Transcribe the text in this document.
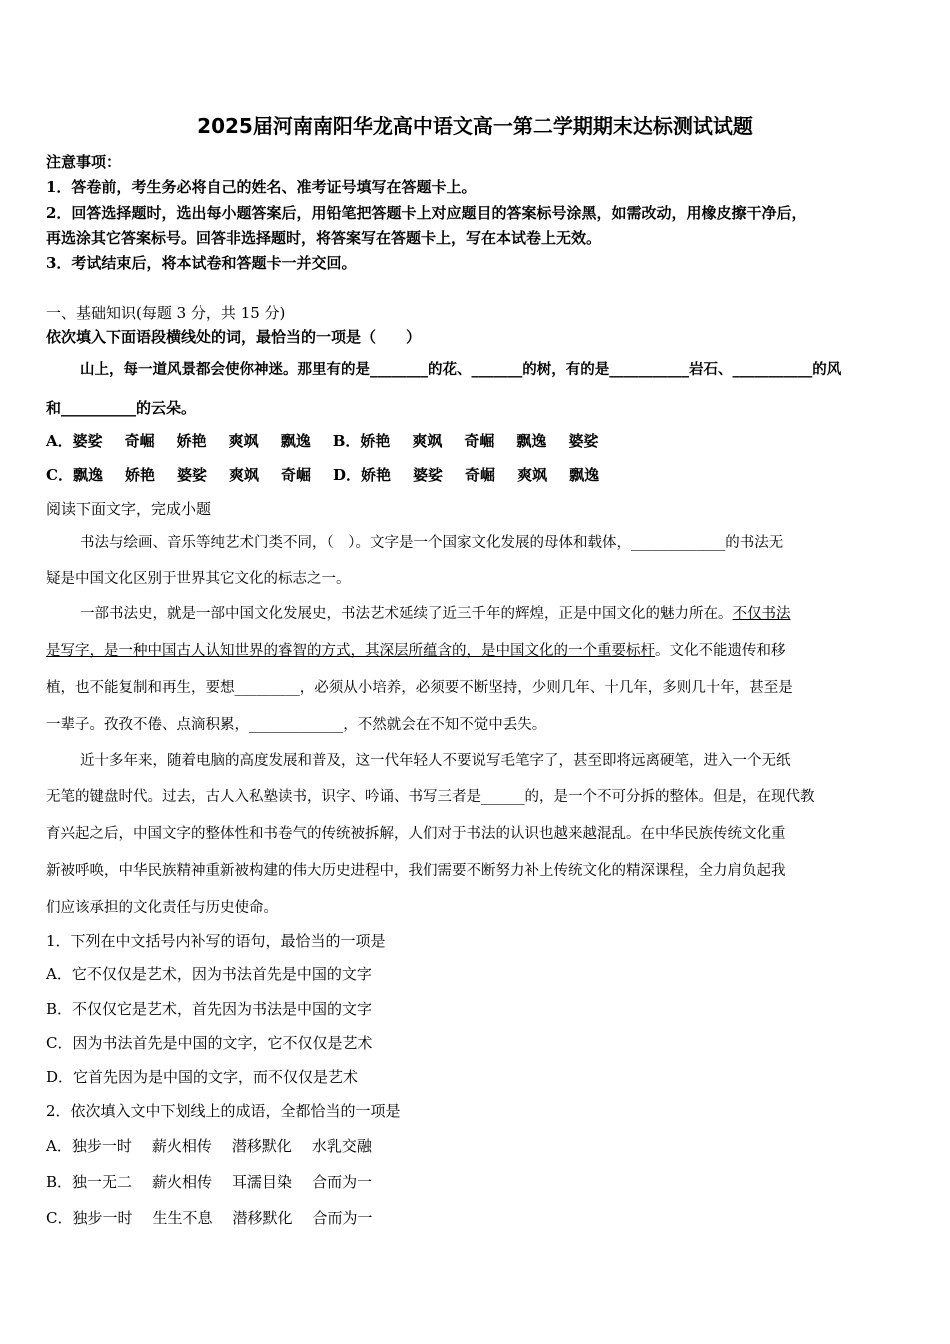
2025届河南南阳华龙高中语文高一第二学期期末达标测试试题
注意事项：
1．答卷前，考生务必将自己的姓名、准考证号填写在答题卡上。
2．回答选择题时，选出每小题答案后，用铅笔把答题卡上对应题目的答案标号涂黑，如需改动，用橡皮擦干净后，
再选涂其它答案标号。回答非选择题时，将答案写在答题卡上，写在本试卷上无效。
3．考试结束后，将本试卷和答题卡一并交回。
一、基础知识(每题 3 分，共 15 分)
依次填入下面语段横线处的词，最恰当的一项是（　　）
山上，每一道风景都会使你神迷。那里有的是________的花、_______的树，有的是___________岩石、___________的风
和__________的云朵。
A．婆娑 奇崛 娇艳 爽飒 飘逸 B．娇艳 爽飒 奇崛 飘逸 婆娑
C．飘逸 娇艳 婆娑 爽飒 奇崛 D．娇艳 婆娑 奇崛 爽飒 飘逸
阅读下面文字，完成小题
书法与绘画、音乐等纯艺术门类不同，（　）。文字是一个国家文化发展的母体和载体，_____________的书法无
疑是中国文化区别于世界其它文化的标志之一。
一部书法史，就是一部中国文化发展史，书法艺术延续了近三千年的辉煌，正是中国文化的魅力所在。不仅书法
是写字，是一种中国古人认知世界的睿智的方式，其深层所蕴含的，是中国文化的一个重要标杆。文化不能遗传和移
植，也不能复制和再生，要想_________，必须从小培养，必须要不断坚持，少则几年、十几年，多则几十年，甚至是
一辈子。孜孜不倦、点滴积累，_____________，不然就会在不知不觉中丢失。
近十多年来，随着电脑的高度发展和普及，这一代年轻人不要说写毛笔字了，甚至即将远离硬笔，进入一个无纸
无笔的键盘时代。过去，古人入私塾读书，识字、吟诵、书写三者是______的，是一个不可分拆的整体。但是，在现代教
育兴起之后，中国文字的整体性和书卷气的传统被拆解，人们对于书法的认识也越来越混乱。在中华民族传统文化重
新被呼唤，中华民族精神重新被构建的伟大历史进程中，我们需要不断努力补上传统文化的精深课程，全力肩负起我
们应该承担的文化责任与历史使命。
1．下列在中文括号内补写的语句，最恰当的一项是
A．它不仅仅是艺术，因为书法首先是中国的文字
B．不仅仅它是艺术，首先因为书法是中国的文字
C．因为书法首先是中国的文字，它不仅仅是艺术
D．它首先因为是中国的文字，而不仅仅是艺术
2．依次填入文中下划线上的成语，全都恰当的一项是
A．独步一时 薪火相传 潜移默化 水乳交融
B．独一无二 薪火相传 耳濡目染 合而为一
C．独步一时 生生不息 潜移默化 合而为一
